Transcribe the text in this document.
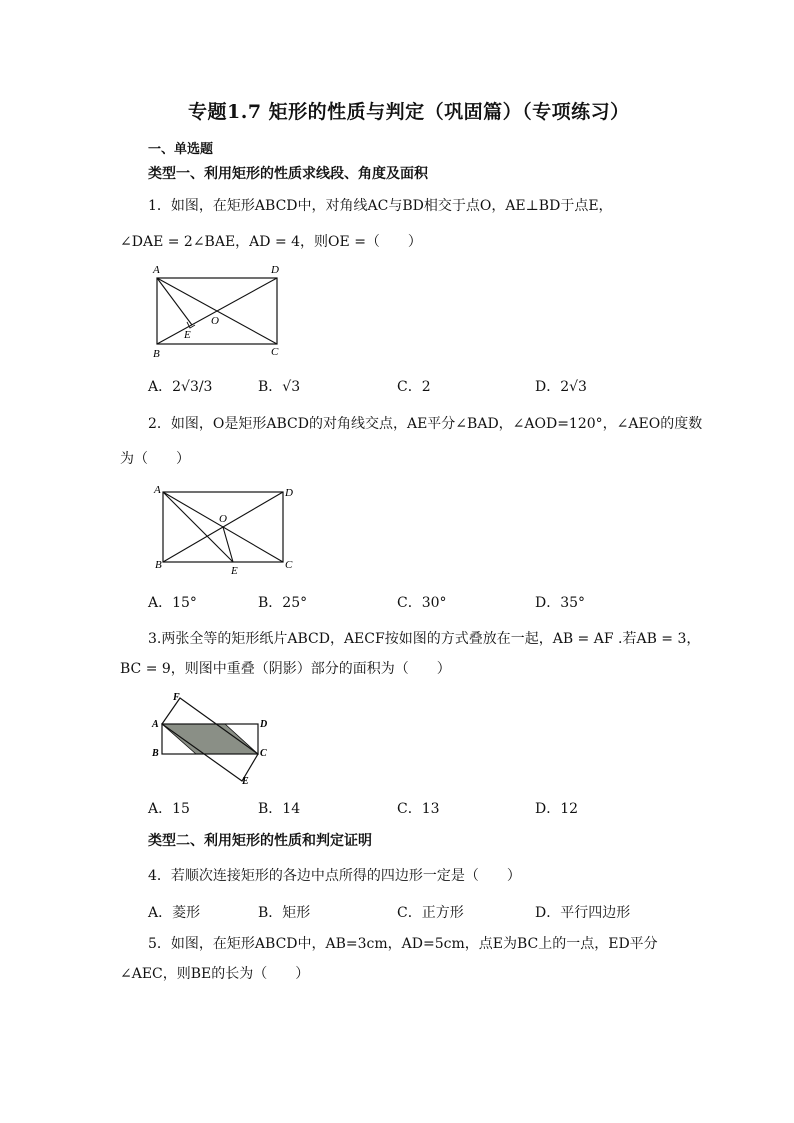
专题1.7 矩形的性质与判定（巩固篇）（专项练习）
一、单选题
类型一、利用矩形的性质求线段、角度及面积
1．如图，在矩形ABCD中，对角线AC与BD相交于点O，AE⊥BD于点E，
∠DAE = 2∠BAE，AD = 4，则OE =（　　）
A	D
O
E
B	C
A．2√3/3	B．√3	C．2	D．2√3
2．如图，O是矩形ABCD的对角线交点，AE平分∠BAD，∠AOD=120°，∠AEO的度数
为（　　）
A	D
O
B	E	C
A．15°	B．25°	C．30°	D．35°
3.两张全等的矩形纸片ABCD，AECF按如图的方式叠放在一起，AB = AF .若AB = 3，
BC = 9，则图中重叠（阴影）部分的面积为（　　）
F
A	D
B	C
E
A．15	B．14	C．13	D．12
类型二、利用矩形的性质和判定证明
4．若顺次连接矩形的各边中点所得的四边形一定是（　　）
A．菱形	B．矩形	C．正方形	D．平行四边形
5．如图，在矩形ABCD中，AB=3cm，AD=5cm，点E为BC上的一点，ED平分
∠AEC，则BE的长为（　　）
